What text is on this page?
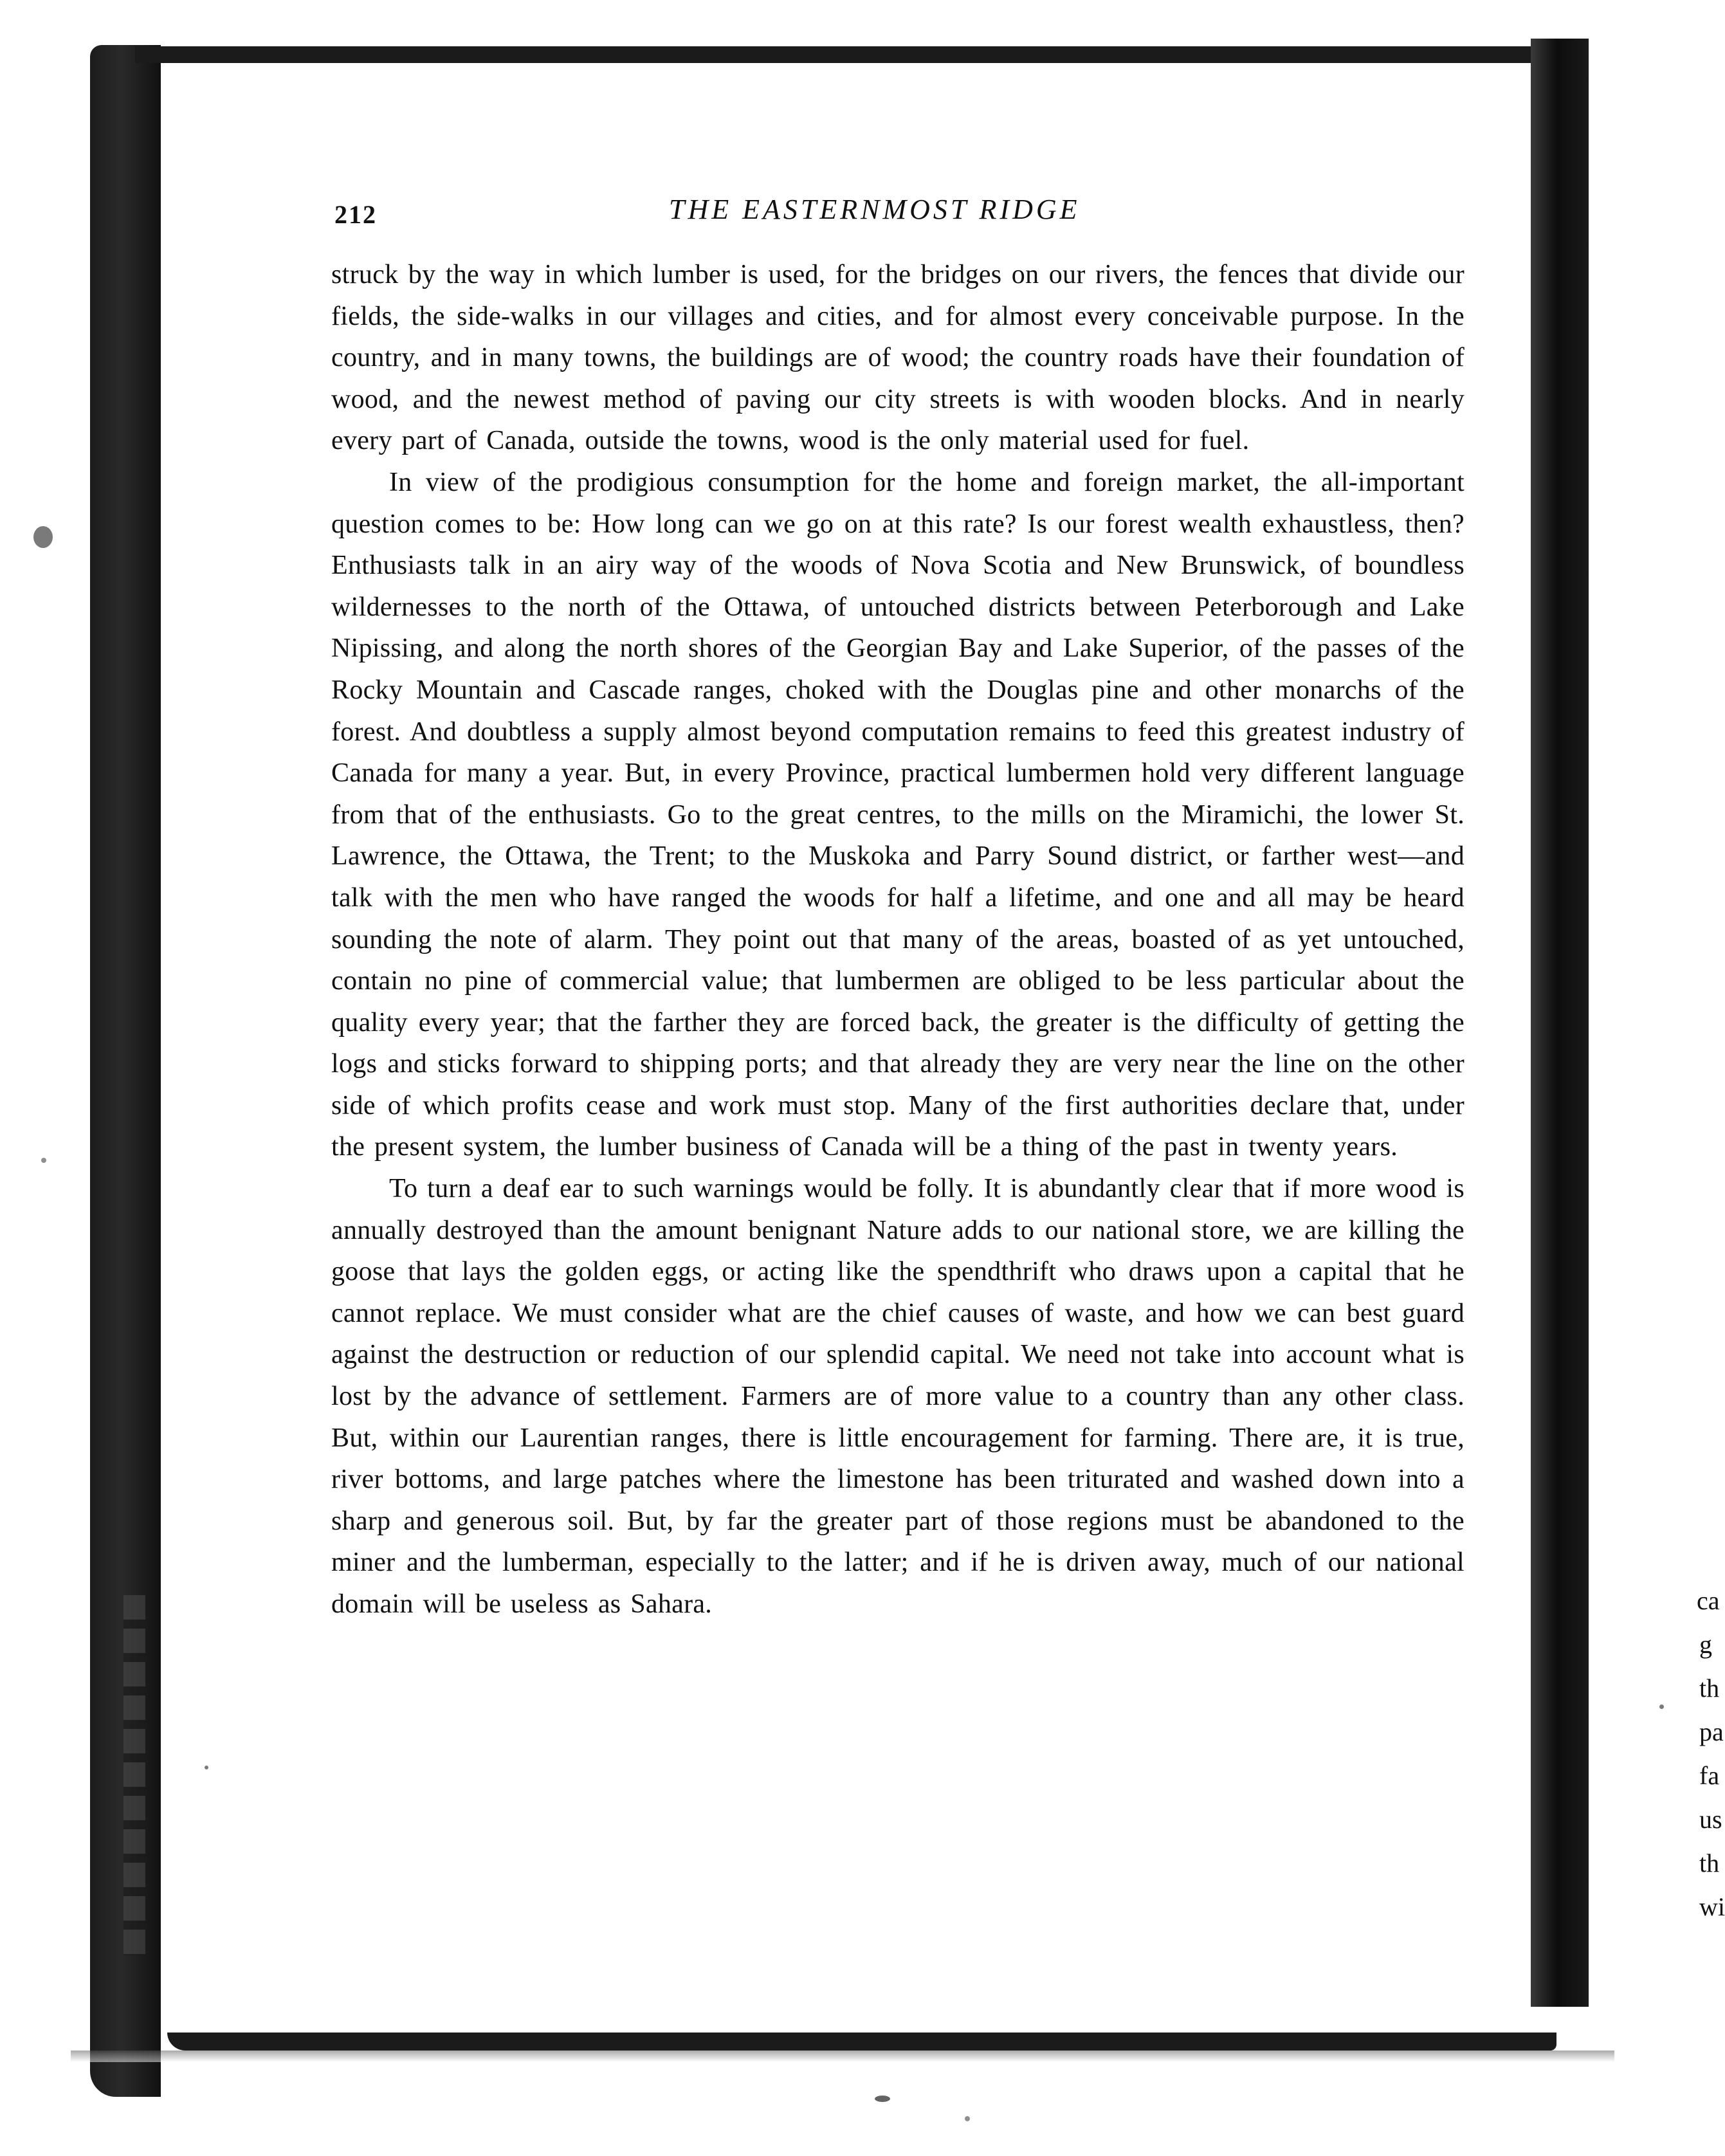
212	THE EASTERNMOST RIDGE

struck by the way in which lumber is used, for the bridges on our rivers, the fences that divide our fields, the side-walks in our villages and cities, and for almost every conceivable purpose. In the country, and in many towns, the buildings are of wood; the country roads have their foundation of wood, and the newest method of paving our city streets is with wooden blocks. And in nearly every part of Canada, outside the towns, wood is the only material used for fuel.

In view of the prodigious consumption for the home and foreign market, the all-important question comes to be: How long can we go on at this rate? Is our forest wealth exhaustless, then? Enthusiasts talk in an airy way of the woods of Nova Scotia and New Brunswick, of boundless wildernesses to the north of the Ottawa, of untouched districts between Peterborough and Lake Nipissing, and along the north shores of the Georgian Bay and Lake Superior, of the passes of the Rocky Mountain and Cascade ranges, choked with the Douglas pine and other monarchs of the forest. And doubtless a supply almost beyond computation remains to feed this greatest industry of Canada for many a year. But, in every Province, practical lumbermen hold very different language from that of the enthusiasts. Go to the great centres, to the mills on the Miramichi, the lower St. Lawrence, the Ottawa, the Trent; to the Muskoka and Parry Sound district, or farther west—and talk with the men who have ranged the woods for half a lifetime, and one and all may be heard sounding the note of alarm. They point out that many of the areas, boasted of as yet untouched, contain no pine of commercial value; that lumbermen are obliged to be less particular about the quality every year; that the farther they are forced back, the greater is the difficulty of getting the logs and sticks forward to shipping ports; and that already they are very near the line on the other side of which profits cease and work must stop. Many of the first authorities declare that, under the present system, the lumber business of Canada will be a thing of the past in twenty years.

To turn a deaf ear to such warnings would be folly. It is abundantly clear that if more wood is annually destroyed than the amount benignant Nature adds to our national store, we are killing the goose that lays the golden eggs, or acting like the spendthrift who draws upon a capital that he cannot replace. We must consider what are the chief causes of waste, and how we can best guard against the destruction or reduction of our splendid capital. We need not take into account what is lost by the advance of settlement. Farmers are of more value to a country than any other class. But, within our Laurentian ranges, there is little encouragement for farming. There are, it is true, river bottoms, and large patches where the limestone has been triturated and washed down into a sharp and generous soil. But, by far the greater part of those regions must be abandoned to the miner and the lumberman, especially to the latter; and if he is driven away, much of our national domain will be useless as Sahara.	ca
g
th
pa
fa
us
th
wi
